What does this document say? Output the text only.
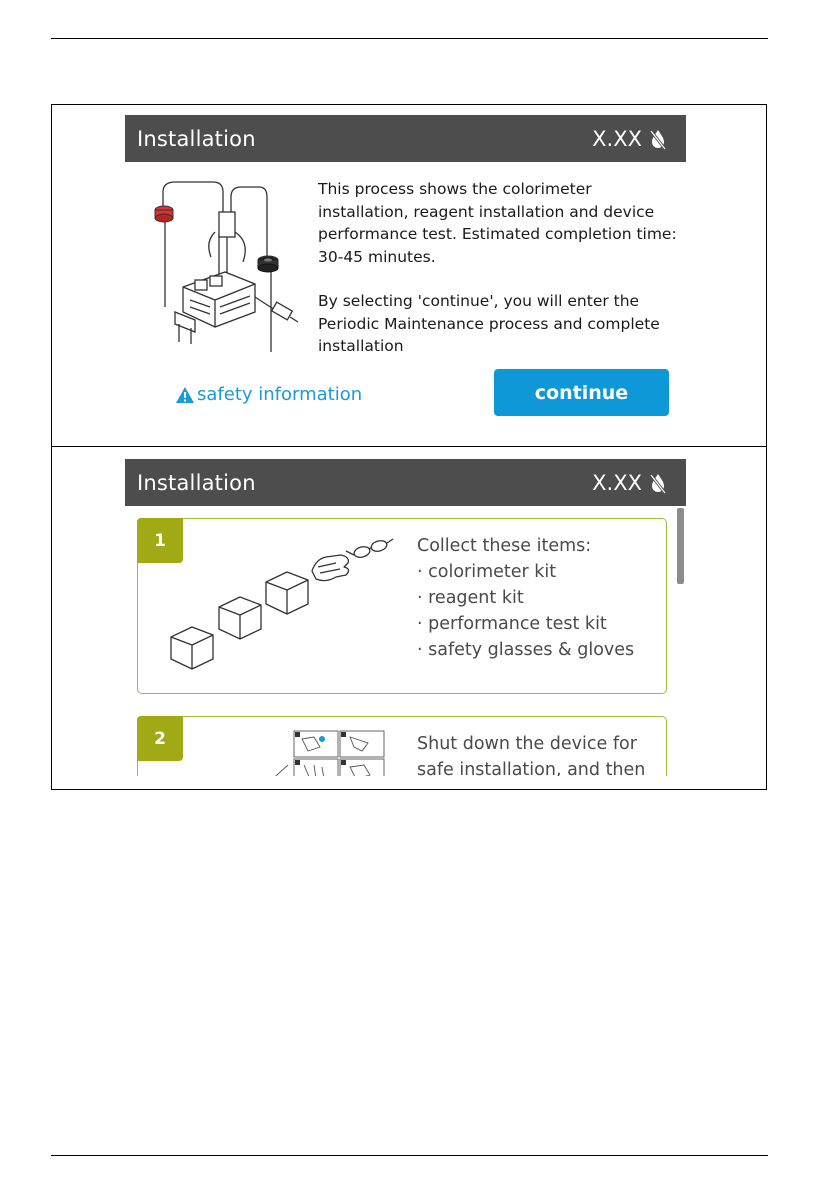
Installation	X.XX

This process shows the colorimeter installation, reagent installation and device performance test. Estimated completion time: 30-45 minutes.

By selecting 'continue', you will enter the Periodic Maintenance process and complete installation

safety information	continue
Installation	X.XX
1	Collect these items:
· colorimeter kit
· reagent kit
· performance test kit
· safety glasses & gloves
2	Shut down the device for
safe installation, and then
